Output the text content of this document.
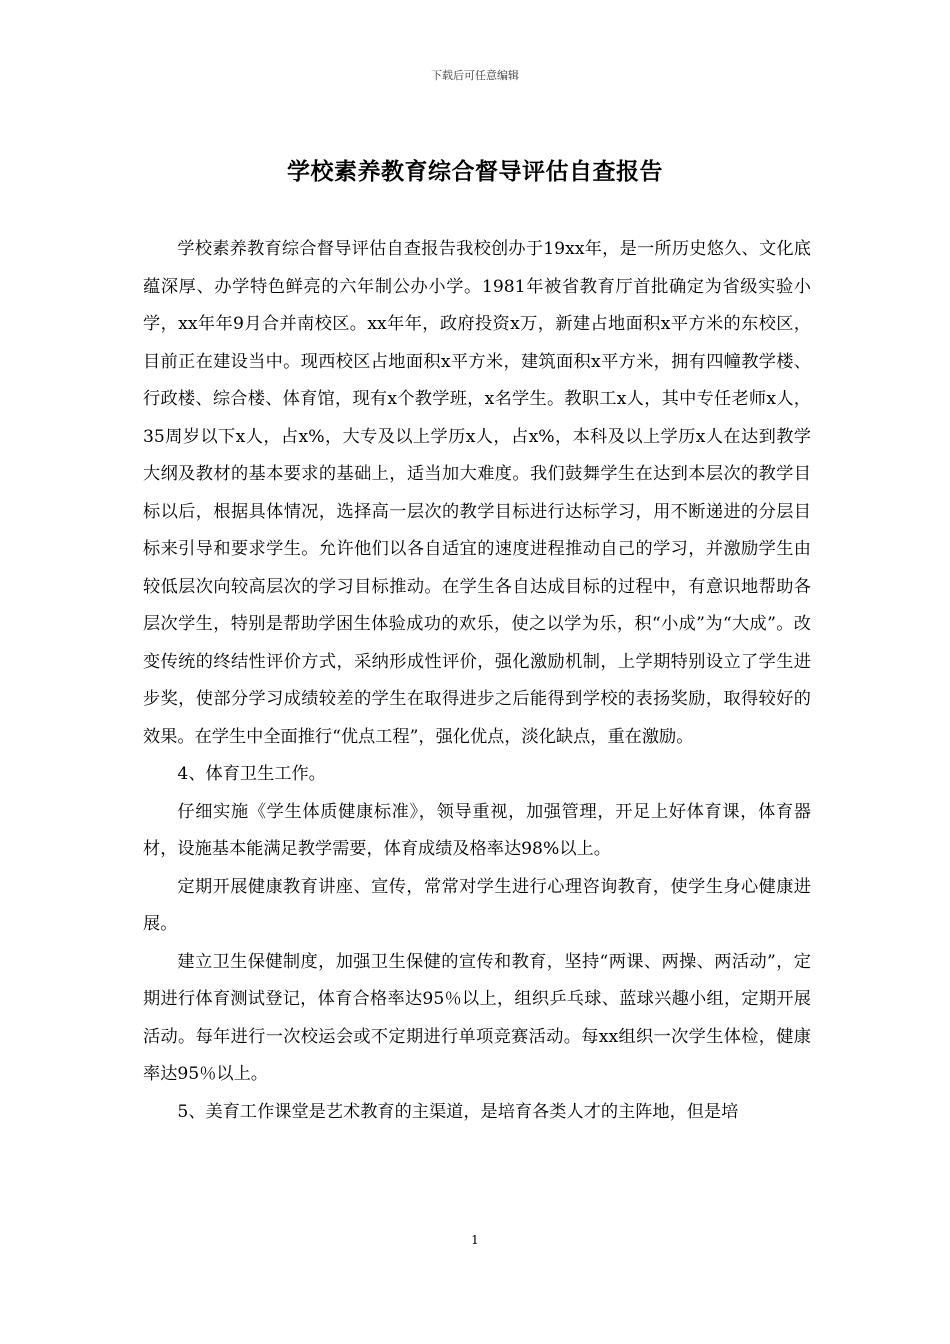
下载后可任意编辑
学校素养教育综合督导评估自查报告

学校素养教育综合督导评估自查报告我校创办于19xx年，是一所历史悠久、文化底蕴深厚、办学特色鲜亮的六年制公办小学。1981年被省教育厅首批确定为省级实验小学，xx年年9月合并南校区。xx年年，政府投资x万，新建占地面积x平方米的东校区，目前正在建设当中。现西校区占地面积x平方米，建筑面积x平方米，拥有四幢教学楼、行政楼、综合楼、体育馆，现有x个教学班，x名学生。教职工x人，其中专任老师x人，35周岁以下x人，占x%，大专及以上学历x人，占x%，本科及以上学历x人在达到教学大纲及教材的基本要求的基础上，适当加大难度。我们鼓舞学生在达到本层次的教学目标以后，根据具体情况，选择高一层次的教学目标进行达标学习，用不断递进的分层目标来引导和要求学生。允许他们以各自适宜的速度进程推动自己的学习，并激励学生由较低层次向较高层次的学习目标推动。在学生各自达成目标的过程中，有意识地帮助各层次学生，特别是帮助学困生体验成功的欢乐，使之以学为乐，积“小成”为“大成”。改变传统的终结性评价方式，采纳形成性评价，强化激励机制，上学期特别设立了学生进步奖，使部分学习成绩较差的学生在取得进步之后能得到学校的表扬奖励，取得较好的效果。在学生中全面推行“优点工程”，强化优点，淡化缺点，重在激励。

4、体育卫生工作。

仔细实施《学生体质健康标准》，领导重视，加强管理，开足上好体育课，体育器材，设施基本能满足教学需要，体育成绩及格率达98%以上。

定期开展健康教育讲座、宣传，常常对学生进行心理咨询教育，使学生身心健康进展。

建立卫生保健制度，加强卫生保健的宣传和教育，坚持“两课、两操、两活动”，定期进行体育测试登记，体育合格率达95％以上，组织乒乓球、蓝球兴趣小组，定期开展活动。每年进行一次校运会或不定期进行单项竞赛活动。每xx组织一次学生体检，健康率达95％以上。

5、美育工作课堂是艺术教育的主渠道，是培育各类人才的主阵地，但是培

1
